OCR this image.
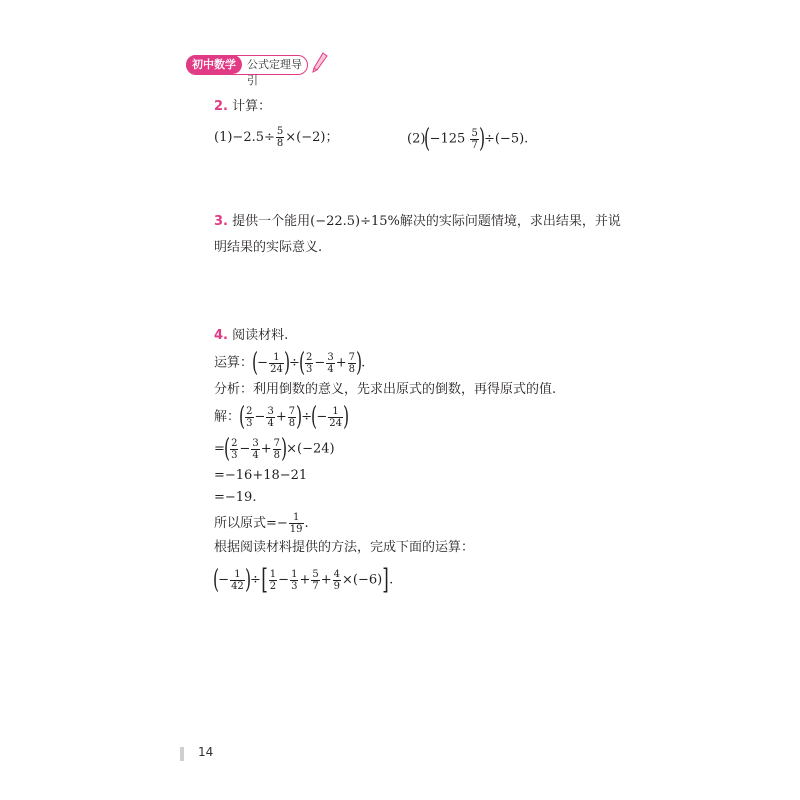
初中数学	公式定理导引
2. 计算：
$(1)-2.5\div \frac{5}{8} \times(-2)$；	$(2)(-125 \frac{5}{7} )\div(-5)$.
3. 提供一个能用(−22.5)÷15%解决的实际问题情境，求出结果，并说
明结果的实际意义.
4. 阅读材料.
运算：(− $\frac{1}{24}$ )÷( $\frac{2}{3} - \frac{3}{4} + \frac{7}{8}$ ).
分析：利用倒数的意义，先求出原式的倒数，再得原式的值.
解：( $\frac{2}{3} - \frac{3}{4} + \frac{7}{8}$ )÷(− $\frac{1}{24}$ )
=( $\frac{2}{3} - \frac{3}{4} + \frac{7}{8} )\times(-24)$
=−16+18−21
=−19.
所以原式=− $\frac{1}{19}$ .
根据阅读材料提供的方法，完成下面的运算：
(− $\frac{1}{42}$ )÷[ $\frac{1}{2} - \frac{1}{3} + \frac{5}{7} + \frac{4}{9} \times(-6)$].
14
